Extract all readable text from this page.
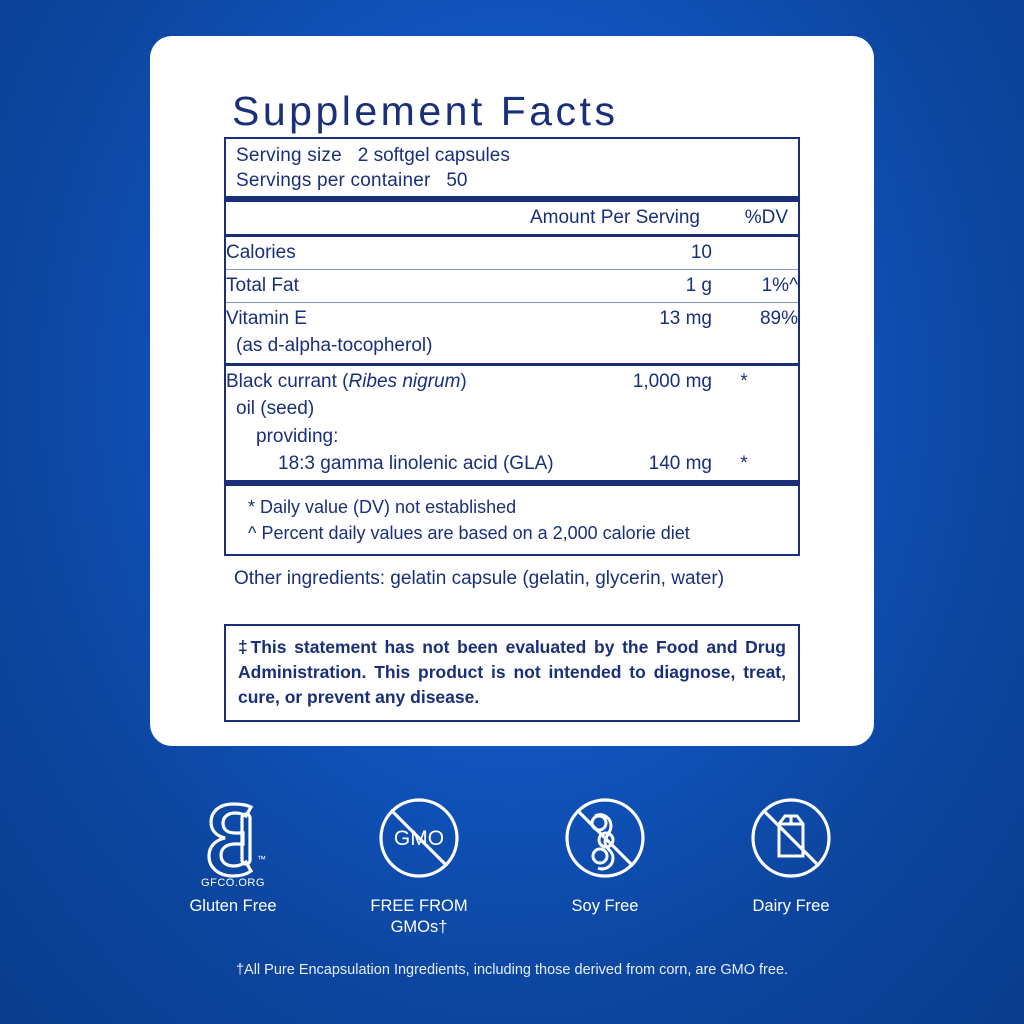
Supplement Facts
Serving size 2 softgel capsules
Servings per container 50
	Amount Per Serving	%DV
Calories	10	
Total Fat	1 g	1%^
Vitamin E	13 mg	89%
(as d-alpha-tocopherol)
Black currant (Ribes nigrum)	1,000 mg	*
oil (seed)
providing:
18:3 gamma linolenic acid (GLA)	140 mg	*
* Daily value (DV) not established
^ Percent daily values are based on a 2,000 calorie diet
Other ingredients: gelatin capsule (gelatin, glycerin, water)
‡This statement has not been evaluated by the Food and Drug Administration. This product is not intended to diagnose, treat, cure, or prevent any disease.
™
GFCO.ORG
Gluten Free
GMO
FREE FROM GMOs†
Soy Free	Dairy Free
†All Pure Encapsulation Ingredients, including those derived from corn, are GMO free.
